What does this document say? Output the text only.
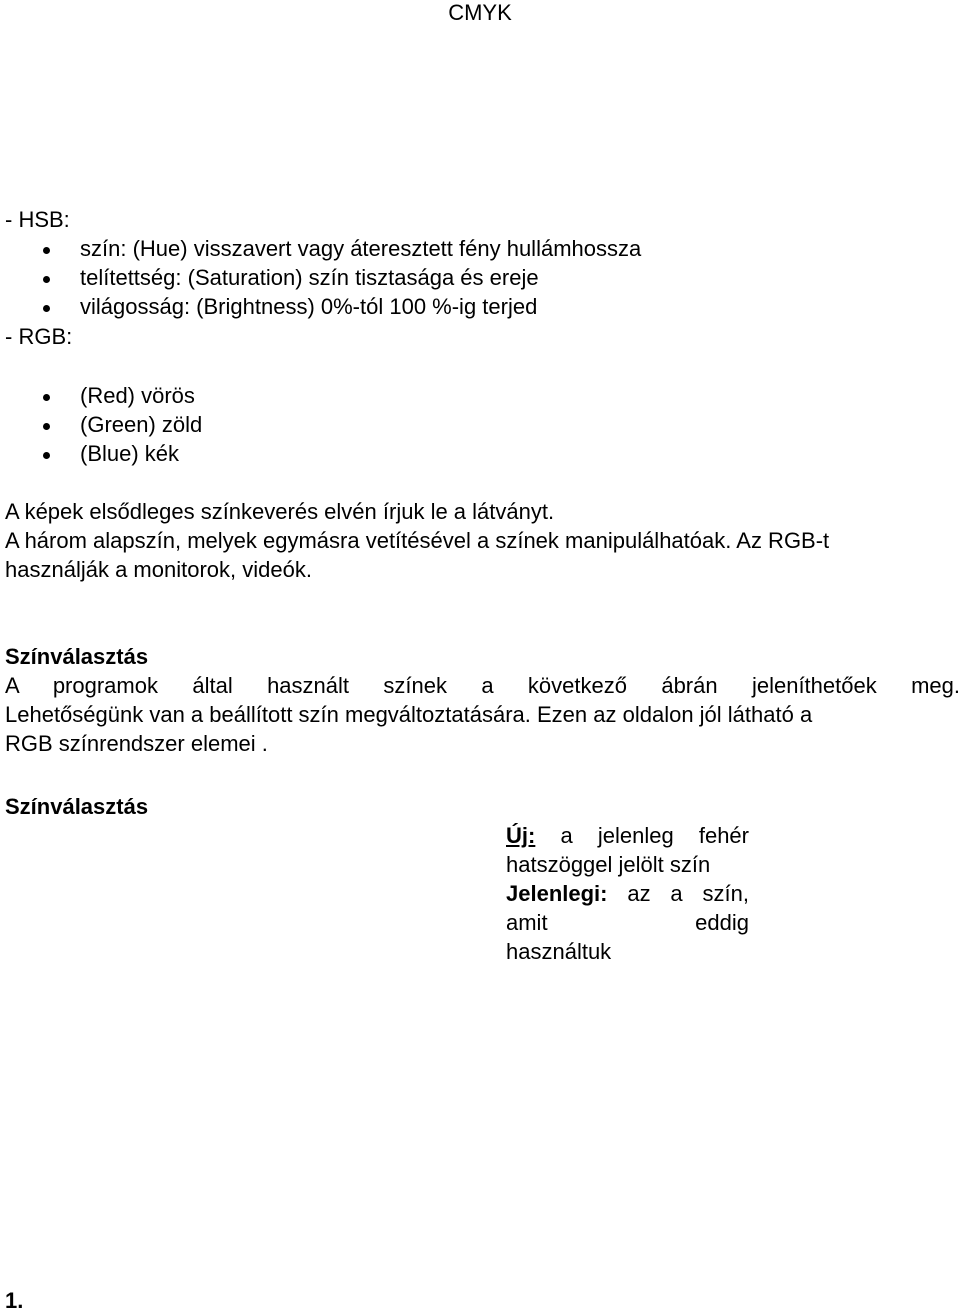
CMYK
- HSB:
szín: (Hue) visszavert vagy áteresztett fény hullámhossza
telítettség: (Saturation) szín tisztasága és ereje
világosság: (Brightness) 0%-tól 100 %-ig terjed
- RGB:
(Red) vörös
(Green) zöld
(Blue) kék
A képek elsődleges színkeverés elvén írjuk le a látványt.
A három alapszín, melyek egymásra vetítésével a színek manipulálhatóak. Az RGB-t
használják a monitorok, videók.
Színválasztás
A programok által használt színek a következő ábrán jeleníthetőek meg.
Lehetőségünk van a beállított szín megváltoztatására. Ezen az oldalon jól látható a
RGB színrendszer elemei .
Színválasztás
Új: a jelenleg fehér
hatszöggel jelölt szín
Jelenlegi: az a szín,
amit eddig
használtuk
1.
